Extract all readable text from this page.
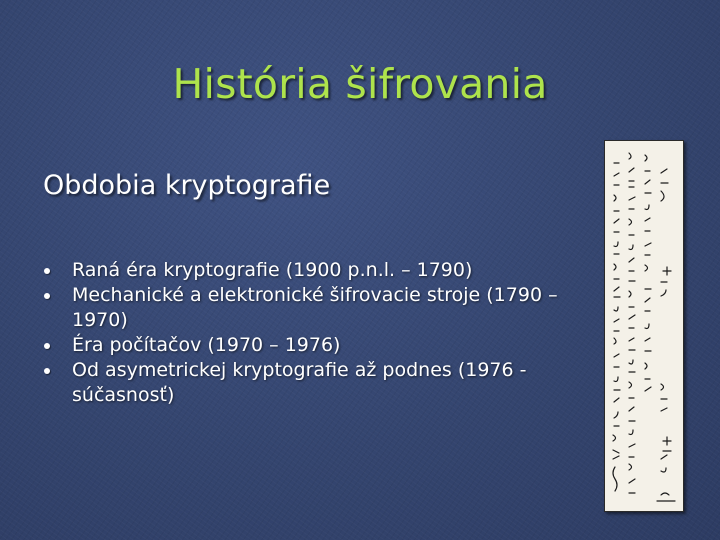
História šifrovania
Obdobia kryptografie
Raná éra kryptografie (1900 p.n.l. – 1790)
Mechanické a elektronické šifrovacie stroje (1790 – 1970)
Éra počítačov (1970 – 1976)
Od asymetrickej kryptografie až podnes (1976 - súčasnosť)
